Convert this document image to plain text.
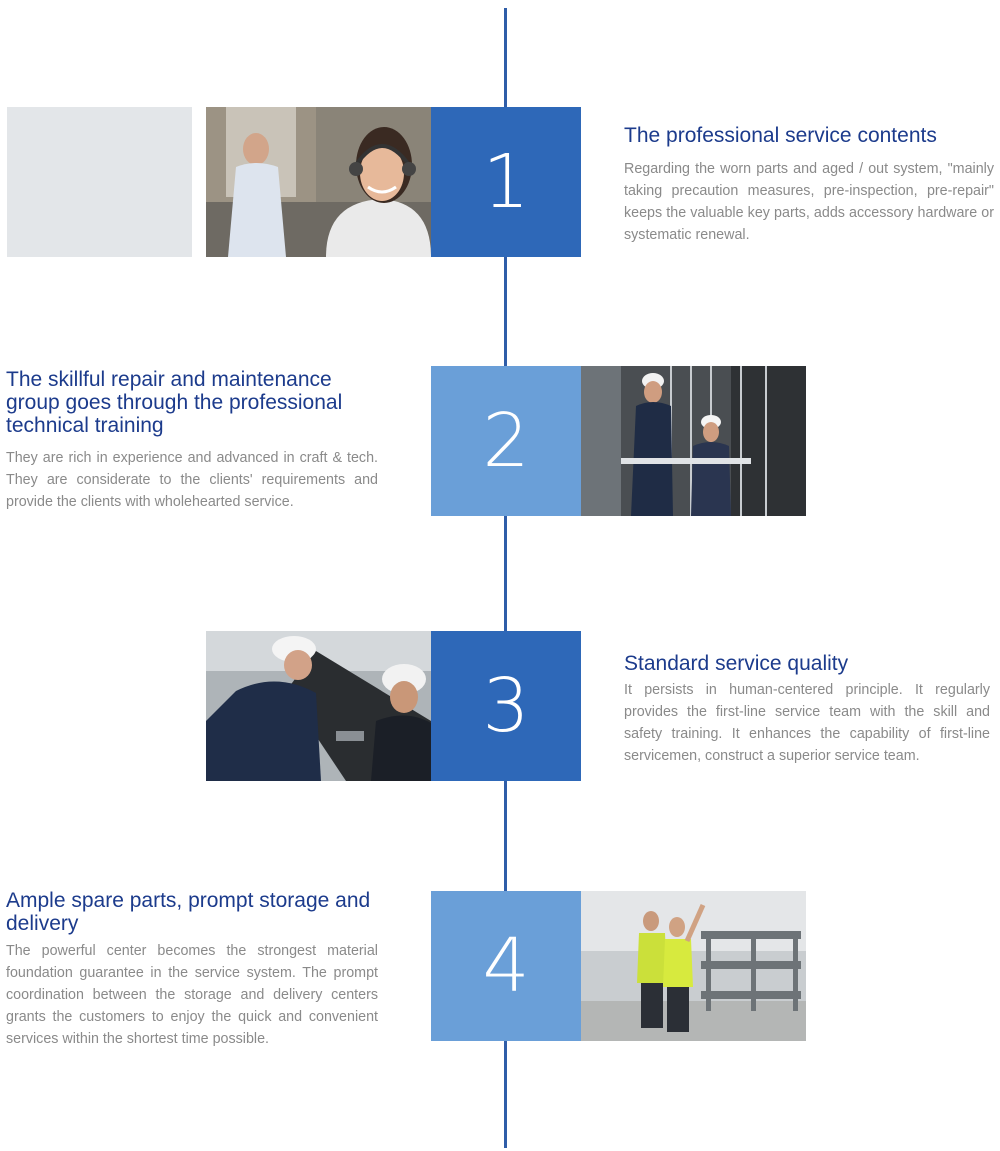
1
The professional service contents

Regarding the worn parts and aged / out system, "mainly taking precaution measures, pre-inspection, pre-repair" keeps the valuable key parts, adds accessory hardware or systematic renewal.

The skillful repair and maintenance group goes through the professional technical training

They are rich in experience and advanced in craft & tech. They are considerate to the clients' requirements and provide the clients with wholehearted service.

2
3	Standard service quality

It persists in human-centered principle. It regularly provides the first-line service team with the skill and safety training. It enhances the capability of first-line servicemen, construct a superior service team.

Ample spare parts, prompt storage and delivery

The powerful center becomes the strongest material foundation guarantee in the service system. The prompt coordination between the storage and delivery centers grants the customers to enjoy the quick and convenient services within the shortest time possible.

4
